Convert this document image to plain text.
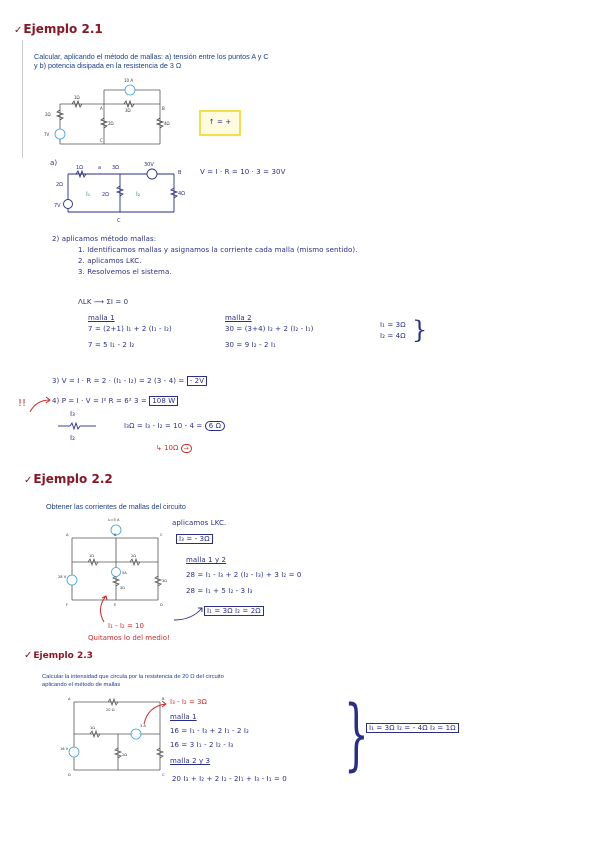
✓Ejemplo 2.1
Calcular, aplicando el método de mallas: a) tensión entre los puntos A y C
y b) potencia disipada en la resistencia de 3 Ω
10 A
1Ω
3Ω
2Ω	4Ω
2Ω
7V
A	B
C
↑ = +
a)
1Ω	a 3Ω	30V
B
2Ω
I₁ 2Ω	I₂	4Ω
7V
C
V = I · R = 10 · 3 = 30V
2) aplicamos método mallas:
1. Identificamos mallas y asignamos la corriente cada malla (mismo sentido).
2. aplicamos LKC.
3. Resolvemos el sistema.
ΛLK ⟶ ΣI = 0
malla 1
7 = (2+1) I₁ + 2 (I₁ - I₂)
7 = 5 I₁ - 2 I₂
malla 2
30 = (3+4) I₂ + 2 (I₂ - I₁)
30 = 9 I₂ - 2 I₁
I₁ = 3Ω
I₂ = 4Ω }
3) V = I · R = 2 · (I₁ - I₂) = 2 (3 - 4) = - 2V
!!	4) P = I · V = I² R = 6² 3 = 108 W
I₃
I₂
I₃Ω = I₃ - I₂ = 10 - 4 = 6 Ω
↳ 10Ω →
✓Ejemplo 2.2
Obtener las corrientes de mallas del circuito
I₃=5 A
1Ω	2Ω
3Ω
3Ω
28 V
5A
A	B	C
D
E
F
aplicamos LKC.
I₃ = - 3Ω
malla 1 y 2
28 = I₁ - I₃ + 2 (I₂ - I₃) + 3 I₂ = 0
28 = I₁ + 5 I₂ - 3 I₃
I₁ = 3Ω I₂ = 2Ω
I₁ - I₂ = 10
Quitamos lo del medio!
✓Ejemplo 2.3
Calcular la intensidad que circula por la resistencia de 20 Ω del circuito
aplicando el método de mallas
20 Ω
1Ω
2Ω
3 A
16 V
A	B
C
D
I₃ - I₂ = 3Ω
malla 1
16 = I₁ - I₃ + 2 I₁ - 2 I₂
16 = 3 I₁ - 2 I₂ - I₃
malla 2 y 3
20 I₃ + I₂ + 2 I₂ - 2I₁ + I₃ - I₁ = 0 } I₁ = 3Ω I₂ = - 4Ω I₃ = 1Ω
